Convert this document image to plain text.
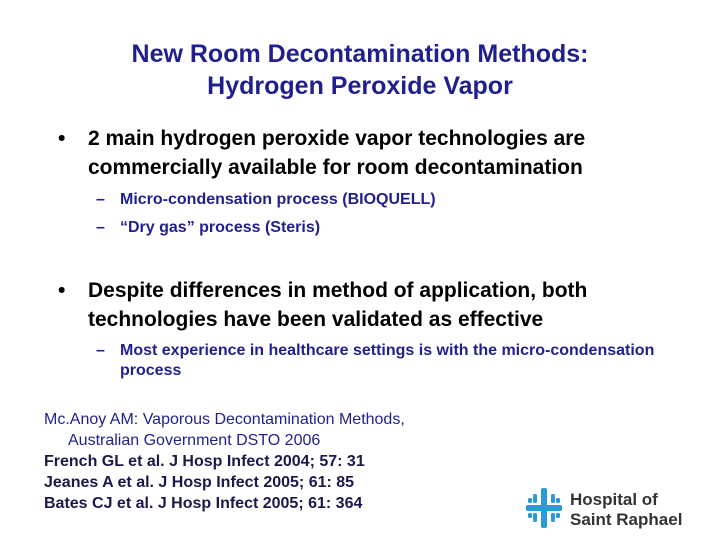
New Room Decontamination Methods:
Hydrogen Peroxide Vapor
• 2 main hydrogen peroxide vapor technologies are commercially available for room decontamination
– Micro-condensation process (BIOQUELL)
– “Dry gas” process (Steris)
• Despite differences in method of application, both technologies have been validated as effective
– Most experience in healthcare settings is with the micro-condensation process
Mc.Anoy AM: Vaporous Decontamination Methods,
Australian Government DSTO 2006
French GL et al. J Hosp Infect 2004; 57: 31
Jeanes A et al. J Hosp Infect 2005; 61: 85
Bates CJ et al. J Hosp Infect 2005; 61: 364	Hospital of
Saint Raphael
